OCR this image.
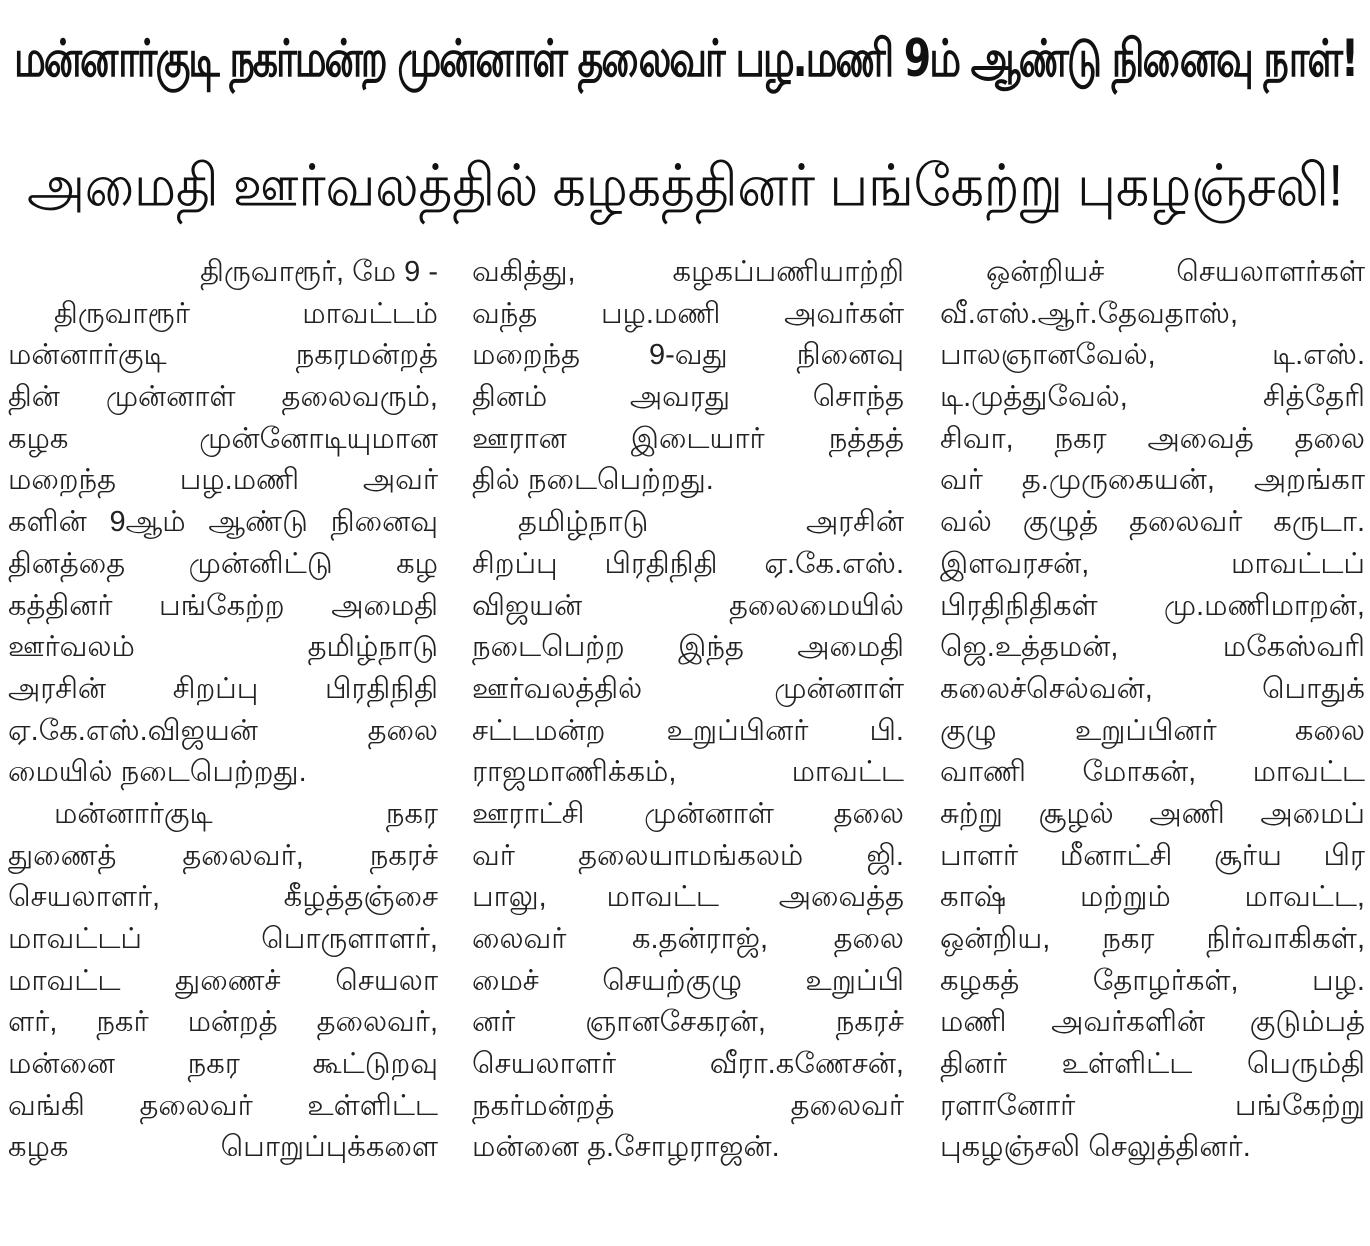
மன்னார்குடி நகர்மன்ற முன்னாள் தலைவர் பழ.மணி 9ம் ஆண்டு நினைவு நாள்!
அமைதி ஊர்வலத்தில் கழகத்தினர் பங்கேற்று புகழஞ்சலி!
திருவாரூர், மே 9 -
திருவாரூர் மாவட்டம்
மன்னார்குடி நகரமன்றத்
தின் முன்னாள் தலைவரும்,
கழக முன்னோடியுமான
மறைந்த பழ.மணி அவர்
களின் 9ஆம் ஆண்டு நினைவு
தினத்தை முன்னிட்டு கழ
கத்தினர் பங்கேற்ற அமைதி
ஊர்வலம் தமிழ்நாடு
அரசின் சிறப்பு பிரதிநிதி
ஏ.கே.எஸ்.விஜயன் தலை
மையில் நடைபெற்றது.
மன்னார்குடி நகர
துணைத் தலைவர், நகரச்
செயலாளர், கீழத்தஞ்சை
மாவட்டப் பொருளாளர்,
மாவட்ட துணைச் செயலா
ளர், நகர் மன்றத் தலைவர்,
மன்னை நகர கூட்டுறவு
வங்கி தலைவர் உள்ளிட்ட
கழக பொறுப்புக்களை
வகித்து, கழகப்பணியாற்றி
வந்த பழ.மணி அவர்கள்
மறைந்த 9-வது நினைவு
தினம் அவரது சொந்த
ஊரான இடையார் நத்தத்
தில் நடைபெற்றது.
தமிழ்நாடு அரசின்
சிறப்பு பிரதிநிதி ஏ.கே.எஸ்.
விஜயன் தலைமையில்
நடைபெற்ற இந்த அமைதி
ஊர்வலத்தில் முன்னாள்
சட்டமன்ற உறுப்பினர் பி.
ராஜமாணிக்கம், மாவட்ட
ஊராட்சி முன்னாள் தலை
வர் தலையாமங்கலம் ஜி.
பாலு, மாவட்ட அவைத்த
லைவர் க.தன்ராஜ், தலை
மைச் செயற்குழு உறுப்பி
னர் ஞானசேகரன், நகரச்
செயலாளர் வீரா.கணேசன்,
நகர்மன்றத் தலைவர்
மன்னை த.சோழராஜன்.
ஒன்றியச் செயலாளர்கள்
வீ.எஸ்.ஆர்.தேவதாஸ்,
பாலஞானவேல், டி.எஸ்.
டி.முத்துவேல், சித்தேரி
சிவா, நகர அவைத் தலை
வர் த.முருகையன், அறங்கா
வல் குழுத் தலைவர் கருடா.
இளவரசன், மாவட்டப்
பிரதிநிதிகள் மு.மணிமாறன்,
ஜெ.உத்தமன், மகேஸ்வரி
கலைச்செல்வன், பொதுக்
குழு உறுப்பினர் கலை
வாணி மோகன், மாவட்ட
சுற்று சூழல் அணி அமைப்
பாளர் மீனாட்சி சூர்ய பிர
காஷ் மற்றும் மாவட்ட,
ஒன்றிய, நகர நிர்வாகிகள்,
கழகத் தோழர்கள், பழ.
மணி அவர்களின் குடும்பத்
தினர் உள்ளிட்ட பெரும்தி
ரளானோர் பங்கேற்று
புகழஞ்சலி செலுத்தினர்.
